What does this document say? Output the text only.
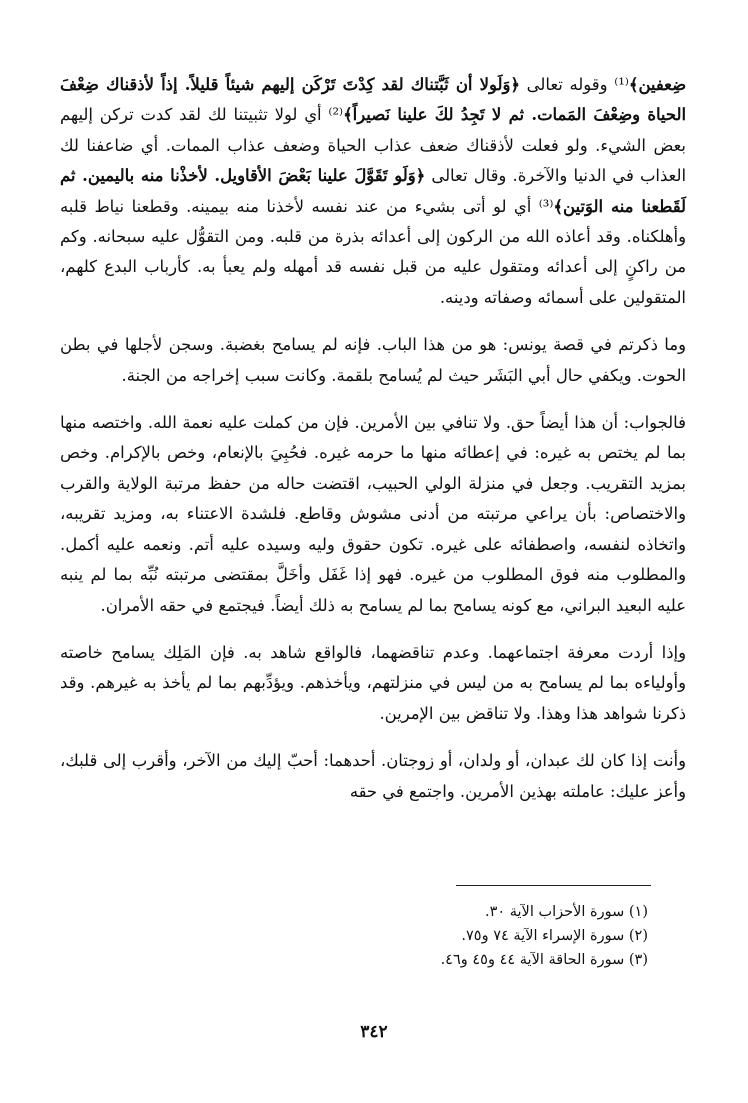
ضِعفين﴾⁽¹⁾ وقوله تعالى ﴿وَلَولا أن ثَبَّتناك لقد كِدْتَ تَرْكَن إليهم شيئاً قليلاً. إذاً لأذقناك ضِعْفَ الحياة وضِعْفَ المَمات. ثم لا تَجِدُ لكَ علينا نَصيراً﴾⁽²⁾ أي لولا تثبيتنا لك لقد كدت تركن إليهم بعض الشيء. ولو فعلت لأذقناك ضعف عذاب الحياة وضعف عذاب الممات. أي ضاعفنا لك العذاب في الدنيا والآخرة. وقال تعالى ﴿وَلَو تَقَوَّلَ علينا بَعْضَ الأقاويل. لأخذْنا منه باليمين. ثم لَقَطعنا منه الوَتين﴾⁽³⁾ أي لو أتى بشيء من عند نفسه لأخذنا منه بيمينه. وقطعنا نياط قلبه وأهلكناه. وقد أعاذه الله من الركون إلى أعدائه بذرة من قلبه. ومن التقوُّل عليه سبحانه. وكم من راكنٍ إلى أعدائه ومتقول عليه من قبل نفسه قد أمهله ولم يعبأ به. كأرباب البدع كلهم، المتقولين على أسمائه وصفاته ودينه.

وما ذكرتم في قصة يونس: هو من هذا الباب. فإنه لم يسامح بغضبة. وسجن لأجلها في بطن الحوت. ويكفي حال أبي البَشَر حيث لم يُسامح بلقمة. وكانت سبب إخراجه من الجنة.

فالجواب: أن هذا أيضاً حق. ولا تنافي بين الأمرين. فإن من كملت عليه نعمة الله. واختصه منها بما لم يختص به غيره: في إعطائه منها ما حرمه غيره. فحُبِيَ بالإنعام، وخص بالإكرام. وخص بمزيد التقريب. وجعل في منزلة الولي الحبيب، اقتضت حاله من حفظ مرتبة الولاية والقرب والاختصاص: بأن يراعي مرتبته من أدنى مشوش وقاطع. فلشدة الاعتناء به، ومزيد تقريبه، واتخاذه لنفسه، واصطفائه على غيره. تكون حقوق وليه وسيده عليه أتم. ونعمه عليه أكمل. والمطلوب منه فوق المطلوب من غيره. فهو إذا غَفَل وأخَلَّ بمقتضى مرتبته نُبِّه بما لم ينبه عليه البعيد البراني، مع كونه يسامح بما لم يسامح به ذلك أيضاً. فيجتمع في حقه الأمران.

وإذا أردت معرفة اجتماعهما. وعدم تناقضهما، فالواقع شاهد به. فإن المَلِك يسامح خاصته وأولياءه بما لم يسامح به من ليس في منزلتهم، ويأخذهم. ويؤدِّبهم بما لم يأخذ به غيرهم. وقد ذكرنا شواهد هذا وهذا. ولا تناقض بين الإمرين.

وأنت إذا كان لك عبدان، أو ولدان، أو زوجتان. أحدهما: أحبّ إليك من الآخر، وأقرب إلى قلبك، وأعز عليك: عاملته بهذين الأمرين. واجتمع في حقه

(١) سورة الأحزاب الآية ٣٠.
(٢) سورة الإسراء الآية ٧٤ و٧٥.
(٣) سورة الحاقة الآية ٤٤ و٤٥ و٤٦.
٣٤٢
